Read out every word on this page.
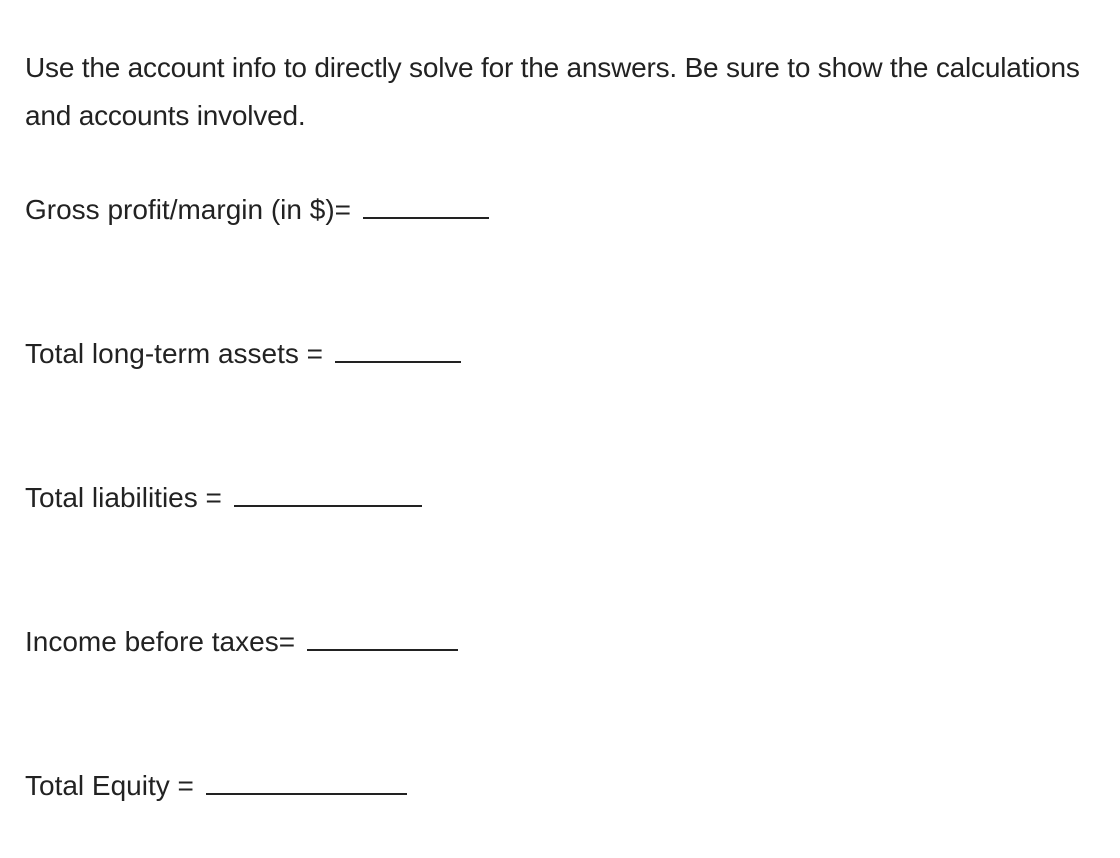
Use the account info to directly solve for the answers. Be sure to show the calculations and accounts involved.

Gross profit/margin (in $)=
Total long-term assets =
Total liabilities =
Income before taxes=
Total Equity =
